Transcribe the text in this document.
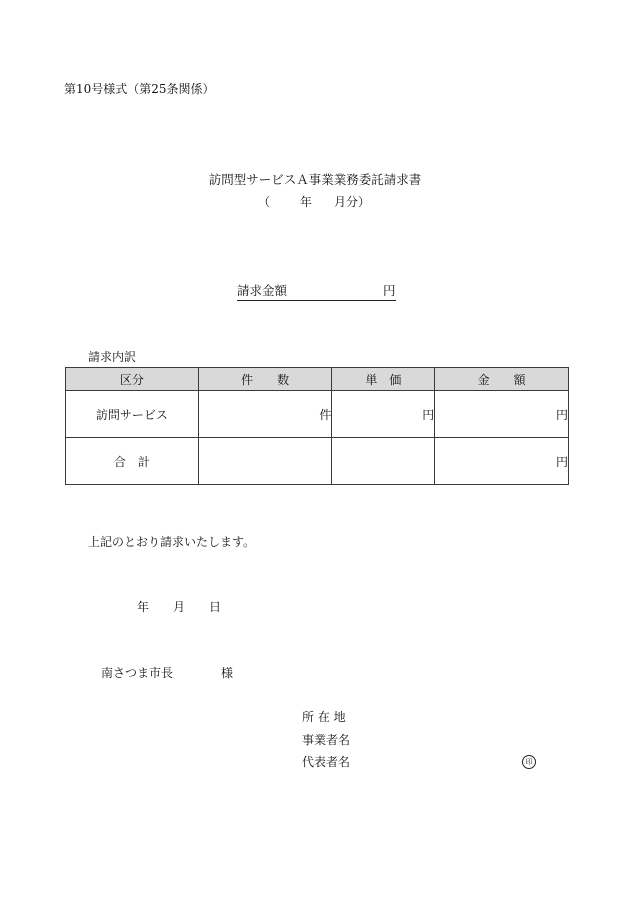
第10号様式（第25条関係）
訪問型サービスＡ事業業務委託請求書
（	年 月分）
請求金額	円
請求内訳
区分	件　　数	単　価	金　　額
訪問サービス	件	円	円
合　計			円
上記のとおり請求いたします。
年 月 日
南さつま市長	様
所 在 地
事業者名
代表者名	印
